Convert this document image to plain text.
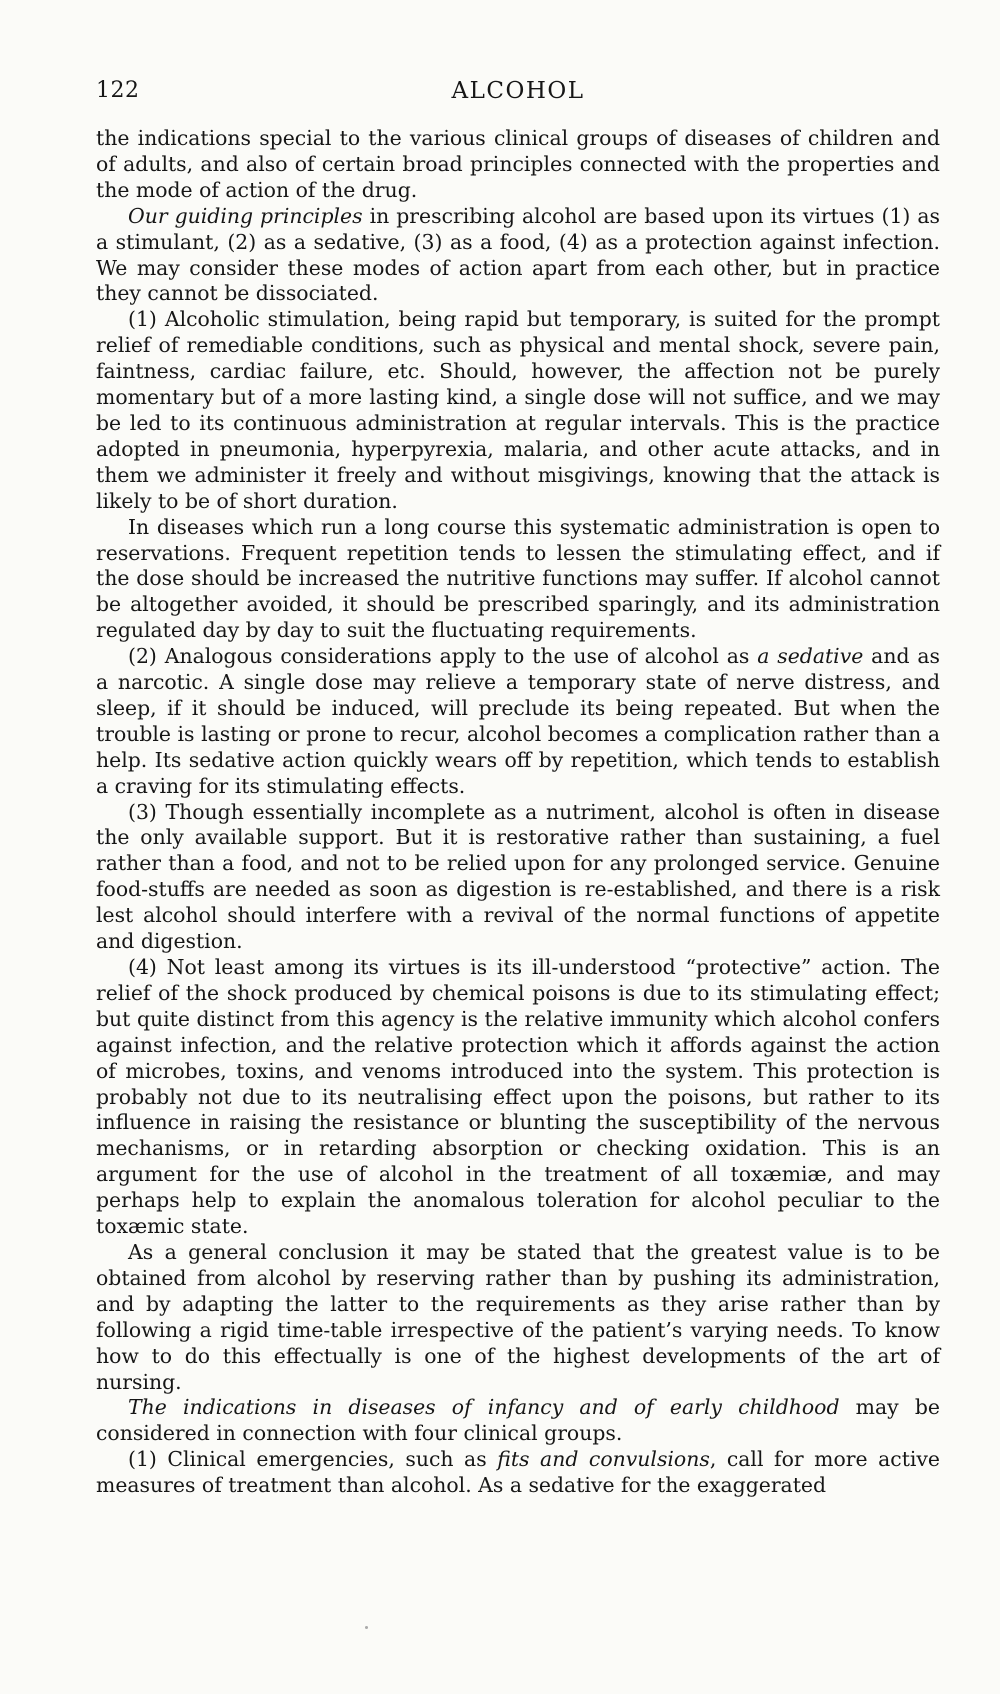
122	ALCOHOL

the indications special to the various clinical groups of diseases of children and of adults, and also of certain broad principles connected with the properties and the mode of action of the drug.

Our guiding principles in prescribing alcohol are based upon its virtues (1) as a stimulant, (2) as a sedative, (3) as a food, (4) as a protection against infection. We may consider these modes of action apart from each other, but in practice they cannot be dissociated.

(1) Alcoholic stimulation, being rapid but temporary, is suited for the prompt relief of remediable conditions, such as physical and mental shock, severe pain, faintness, cardiac failure, etc. Should, however, the affection not be purely momentary but of a more lasting kind, a single dose will not suffice, and we may be led to its continuous administration at regular intervals. This is the practice adopted in pneumonia, hyperpyrexia, malaria, and other acute attacks, and in them we administer it freely and without misgivings, knowing that the attack is likely to be of short duration.

In diseases which run a long course this systematic administration is open to reservations. Frequent repetition tends to lessen the stimulating effect, and if the dose should be increased the nutritive functions may suffer. If alcohol cannot be altogether avoided, it should be prescribed sparingly, and its administration regulated day by day to suit the fluctuating requirements.

(2) Analogous considerations apply to the use of alcohol as a sedative and as a narcotic. A single dose may relieve a temporary state of nerve distress, and sleep, if it should be induced, will preclude its being repeated. But when the trouble is lasting or prone to recur, alcohol becomes a complication rather than a help. Its sedative action quickly wears off by repetition, which tends to establish a craving for its stimulating effects.

(3) Though essentially incomplete as a nutriment, alcohol is often in disease the only available support. But it is restorative rather than sustaining, a fuel rather than a food, and not to be relied upon for any prolonged service. Genuine food-stuffs are needed as soon as digestion is re-established, and there is a risk lest alcohol should interfere with a revival of the normal functions of appetite and digestion.

(4) Not least among its virtues is its ill-understood “protective” action. The relief of the shock produced by chemical poisons is due to its stimulating effect; but quite distinct from this agency is the relative immunity which alcohol confers against infection, and the relative protection which it affords against the action of microbes, toxins, and venoms introduced into the system. This protection is probably not due to its neutralising effect upon the poisons, but rather to its influence in raising the resistance or blunting the susceptibility of the nervous mechanisms, or in retarding absorption or checking oxidation. This is an argument for the use of alcohol in the treatment of all toxæmiæ, and may perhaps help to explain the anomalous toleration for alcohol peculiar to the toxæmic state.

As a general conclusion it may be stated that the greatest value is to be obtained from alcohol by reserving rather than by pushing its administration, and by adapting the latter to the requirements as they arise rather than by following a rigid time-table irrespective of the patient’s varying needs. To know how to do this effectually is one of the highest developments of the art of nursing.

The indications in diseases of infancy and of early childhood may be considered in connection with four clinical groups.

(1) Clinical emergencies, such as fits and convulsions, call for more active measures of treatment than alcohol. As a sedative for the exaggerated
